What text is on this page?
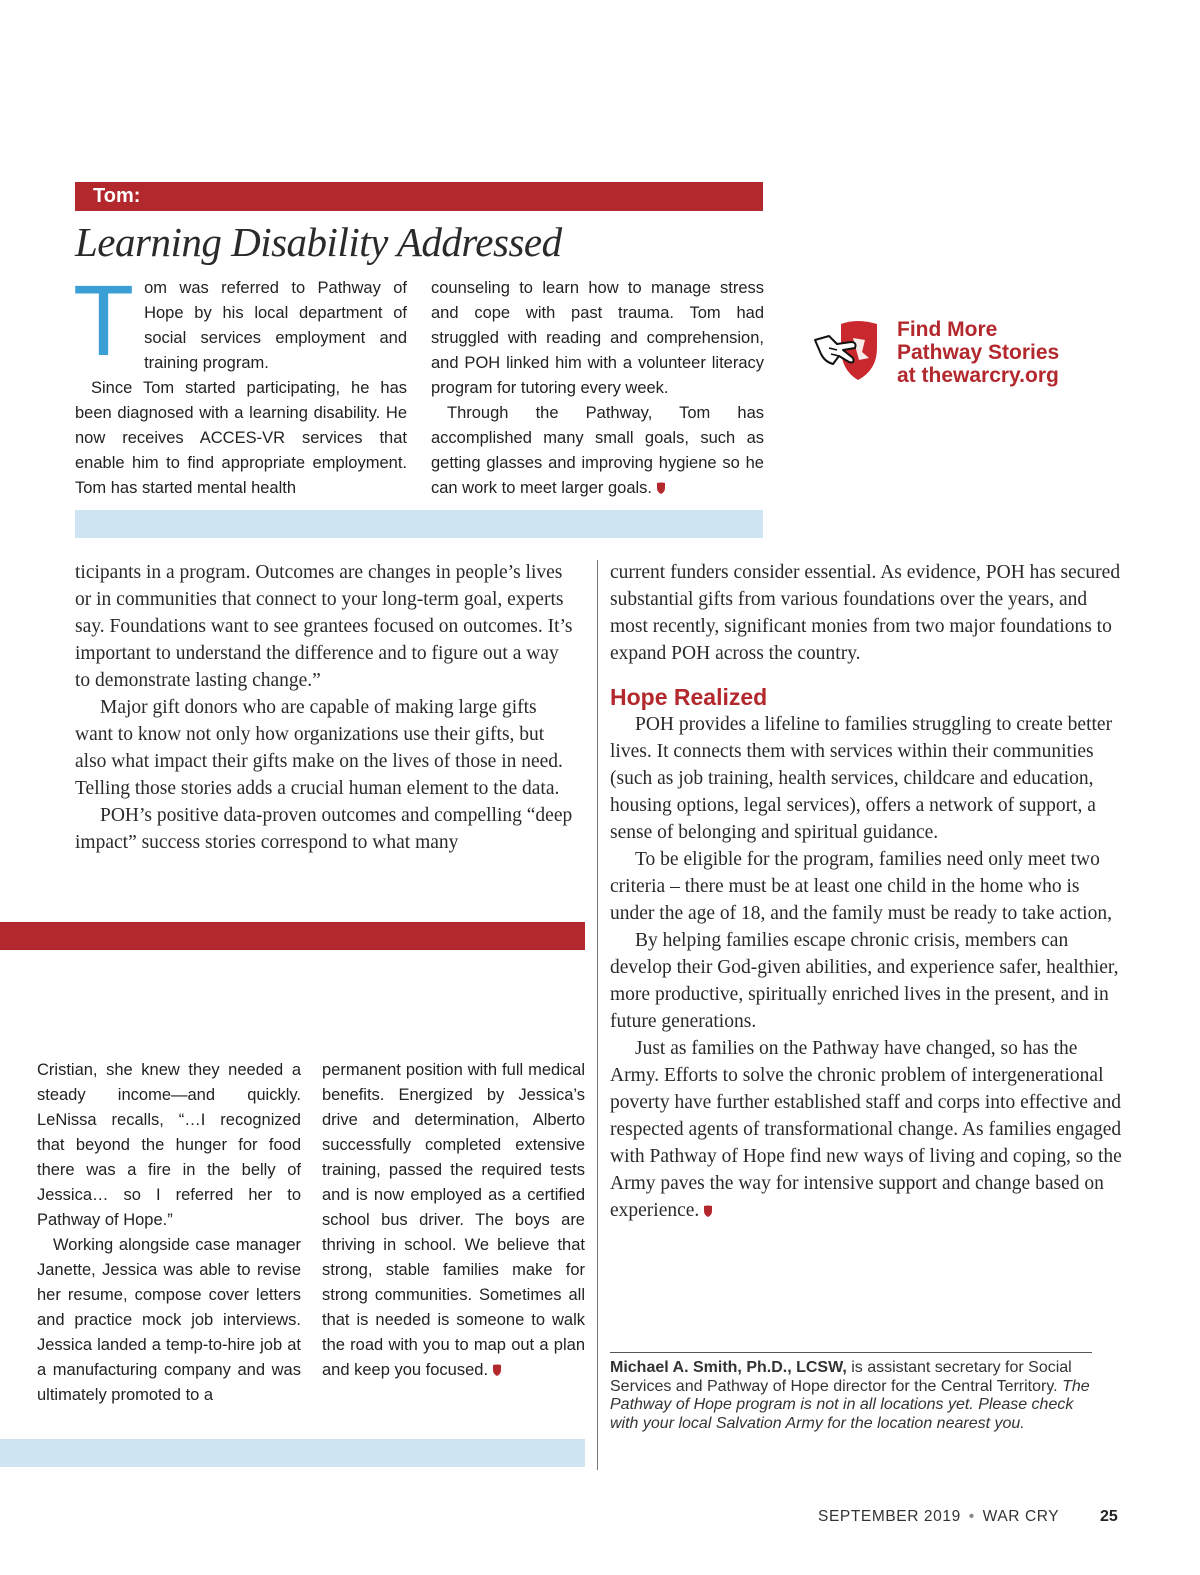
Tom:
Learning Disability Addressed

Tom was referred to Pathway of Hope by his local department of social services employment and training program.

Since Tom started participating, he has been diagnosed with a learning disability. He now receives ACCES-VR services that enable him to find appropriate employment. Tom has started mental health

counseling to learn how to manage stress and cope with past trauma. Tom had struggled with reading and comprehension, and POH linked him with a volunteer literacy program for tutoring every week.

Through the Pathway, Tom has accomplished many small goals, such as getting glasses and improving hygiene so he can work to meet larger goals.

Find More
Pathway Stories
at thewarcry.org

ticipants in a program. Outcomes are changes in people’s lives or in communities that connect to your long-term goal, experts say. Foundations want to see grantees focused on outcomes. It’s important to understand the difference and to figure out a way to demonstrate lasting change.”

Major gift donors who are capable of making large gifts want to know not only how organizations use their gifts, but also what impact their gifts make on the lives of those in need. Telling those stories adds a crucial human element to the data.

POH’s positive data-proven outcomes and compelling “deep impact” success stories correspond to what many

current funders consider essential. As evidence, POH has secured substantial gifts from various foundations over the years, and most recently, significant monies from two major foundations to expand POH across the country.

Hope Realized

POH provides a lifeline to families struggling to create better lives. It connects them with services within their communities (such as job training, health services, childcare and education, housing options, legal services), offers a network of support, a sense of belonging and spiritual guidance.

To be eligible for the program, families need only meet two criteria – there must be at least one child in the home who is under the age of 18, and the family must be ready to take action,

By helping families escape chronic crisis, members can develop their God-given abilities, and experience safer, healthier, more productive, spiritually enriched lives in the present, and in future generations.

Just as families on the Pathway have changed, so has the Army. Efforts to solve the chronic problem of intergenerational poverty have further established staff and corps into effective and respected agents of transformational change. As families engaged with Pathway of Hope find new ways of living and coping, so the Army paves the way for intensive support and change based on experience.

Cristian, she knew they needed a steady income—and quickly. LeNissa recalls, “…I recognized that beyond the hunger for food there was a fire in the belly of Jessica… so I referred her to Pathway of Hope.”

Working alongside case manager Janette, Jessica was able to revise her resume, compose cover letters and practice mock job interviews. Jessica landed a temp-to-hire job at a manufacturing company and was ultimately promoted to a

permanent position with full medical benefits. Energized by Jessica’s drive and determination, Alberto successfully completed extensive training, passed the required tests and is now employed as a certified school bus driver. The boys are thriving in school. We believe that strong, stable families make for strong communities. Sometimes all that is needed is someone to walk the road with you to map out a plan and keep you focused.	Michael A. Smith, Ph.D., LCSW, is assistant secretary for Social Services and Pathway of Hope director for the Central Territory. The Pathway of Hope program is not in all locations yet. Please check with your local Salvation Army for the location nearest you.
SEPTEMBER 2019 • WAR CRY	25
